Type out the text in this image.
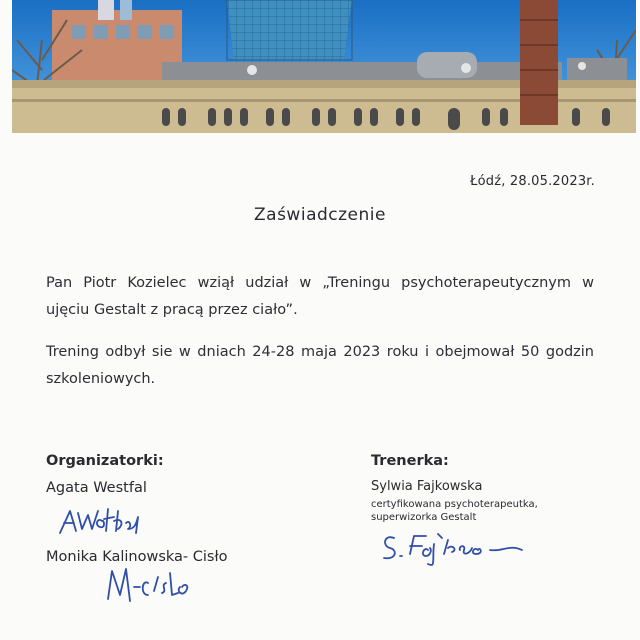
Łódź, 28.05.2023r.
Zaświadczenie
Pan Piotr Kozielec wziął udział w „Treningu psychoterapeutycznym w
ujęciu Gestalt z pracą przez ciało”.
Trening odbył sie w dniach 24-28 maja 2023 roku i obejmował 50 godzin
szkoleniowych.
Organizatorki:
Agata Westfal
Monika Kalinowska- Cisło
Trenerka:
Sylwia Fajkowska
certyfikowana psychoterapeutka,
superwizorka Gestalt
